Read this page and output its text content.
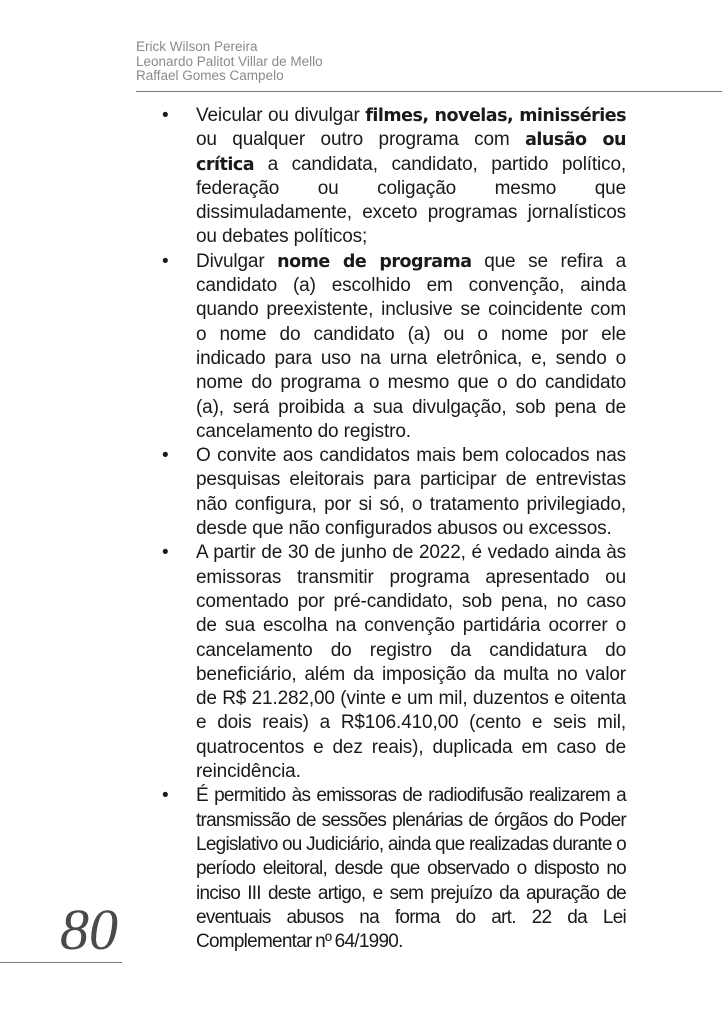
Erick Wilson Pereira
Leonardo Palitot Villar de Mello
Raffael Gomes Campelo
• Veicular ou divulgar filmes, novelas, minisséries ou qualquer outro programa com alusão ou crítica a candidata, candidato, partido político, federação ou coligação mesmo que dissimuladamente, exceto programas jornalísticos ou debates políticos;
• Divulgar nome de programa que se refira a candidato (a) escolhido em convenção, ainda quando preexistente, inclusive se coincidente com o nome do candidato (a) ou o nome por ele indicado para uso na urna eletrônica, e, sendo o nome do programa o mesmo que o do candidato (a), será proibida a sua divulgação, sob pena de cancelamento do registro.
• O convite aos candidatos mais bem colocados nas pesquisas eleitorais para participar de entrevistas não configura, por si só, o tratamento privilegiado, desde que não configurados abusos ou excessos.
• A partir de 30 de junho de 2022, é vedado ainda às emissoras transmitir programa apresentado ou comentado por pré-candidato, sob pena, no caso de sua escolha na convenção partidária ocorrer o cancelamento do registro da candidatura do beneficiário, além da imposição da multa no valor de R$ 21.282,00 (vinte e um mil, duzentos e oitenta e dois reais) a R$106.410,00 (cento e seis mil, quatrocentos e dez reais), duplicada em caso de reincidência.
• É permitido às emissoras de radiodifusão realizarem a transmissão de sessões plenárias de órgãos do Poder Legislativo ou Judiciário, ainda que realizadas durante o período eleitoral, desde que observado o disposto no inciso III deste artigo, e sem prejuízo da apuração de eventuais abusos na forma do art. 22 da Lei Complementar nº 64/1990.
80
